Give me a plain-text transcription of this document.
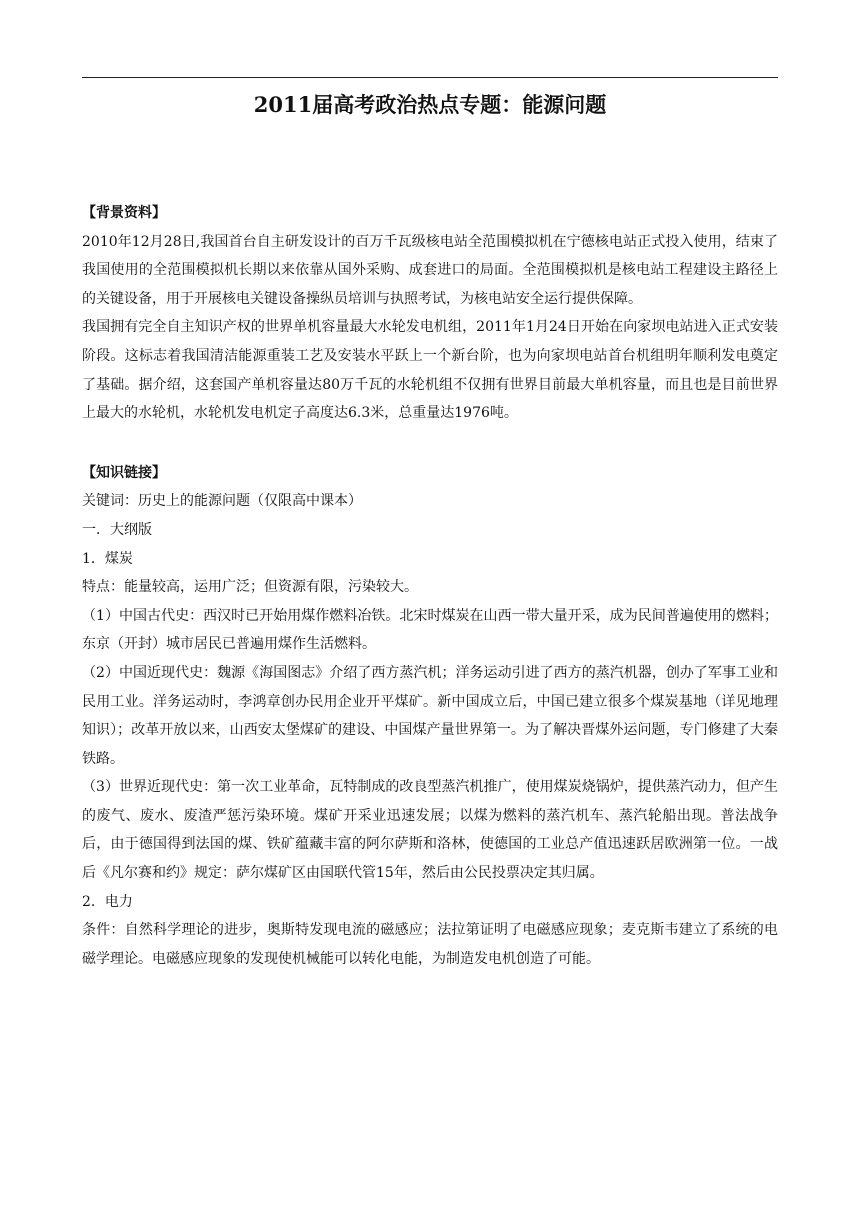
2011届高考政治热点专题：能源问题

【背景资料】

2010年12月28日,我国首台自主研发设计的百万千瓦级核电站全范围模拟机在宁德核电站正式投入使用，结束了我国使用的全范围模拟机长期以来依靠从国外采购、成套进口的局面。全范围模拟机是核电站工程建设主路径上的关键设备，用于开展核电关键设备操纵员培训与执照考试，为核电站安全运行提供保障。

我国拥有完全自主知识产权的世界单机容量最大水轮发电机组，2011年1月24日开始在向家坝电站进入正式安装阶段。这标志着我国清洁能源重装工艺及安装水平跃上一个新台阶，也为向家坝电站首台机组明年顺利发电奠定了基础。据介绍，这套国产单机容量达80万千瓦的水轮机组不仅拥有世界目前最大单机容量，而且也是目前世界上最大的水轮机，水轮机发电机定子高度达6.3米，总重量达1976吨。

【知识链接】

关键词：历史上的能源问题（仅限高中课本）

一．大纲版

1．煤炭

特点：能量较高，运用广泛；但资源有限，污染较大。

（1）中国古代史：西汉时已开始用煤作燃料冶铁。北宋时煤炭在山西一带大量开采，成为民间普遍使用的燃料；东京（开封）城市居民已普遍用煤作生活燃料。

（2）中国近现代史：魏源《海国图志》介绍了西方蒸汽机；洋务运动引进了西方的蒸汽机器，创办了军事工业和民用工业。洋务运动时，李鸿章创办民用企业开平煤矿。新中国成立后，中国已建立很多个煤炭基地（详见地理知识）；改革开放以来，山西安太堡煤矿的建设、中国煤产量世界第一。为了解决晋煤外运问题，专门修建了大秦铁路。

（3）世界近现代史：第一次工业革命，瓦特制成的改良型蒸汽机推广，使用煤炭烧锅炉，提供蒸汽动力，但产生的废气、废水、废渣严惩污染环境。煤矿开采业迅速发展；以煤为燃料的蒸汽机车、蒸汽轮船出现。普法战争后，由于德国得到法国的煤、铁矿蕴藏丰富的阿尔萨斯和洛林，使德国的工业总产值迅速跃居欧洲第一位。一战后《凡尔赛和约》规定：萨尔煤矿区由国联代管15年，然后由公民投票决定其归属。

2．电力

条件：自然科学理论的进步，奥斯特发现电流的磁感应；法拉第证明了电磁感应现象；麦克斯韦建立了系统的电磁学理论。电磁感应现象的发现使机械能可以转化电能，为制造发电机创造了可能。
